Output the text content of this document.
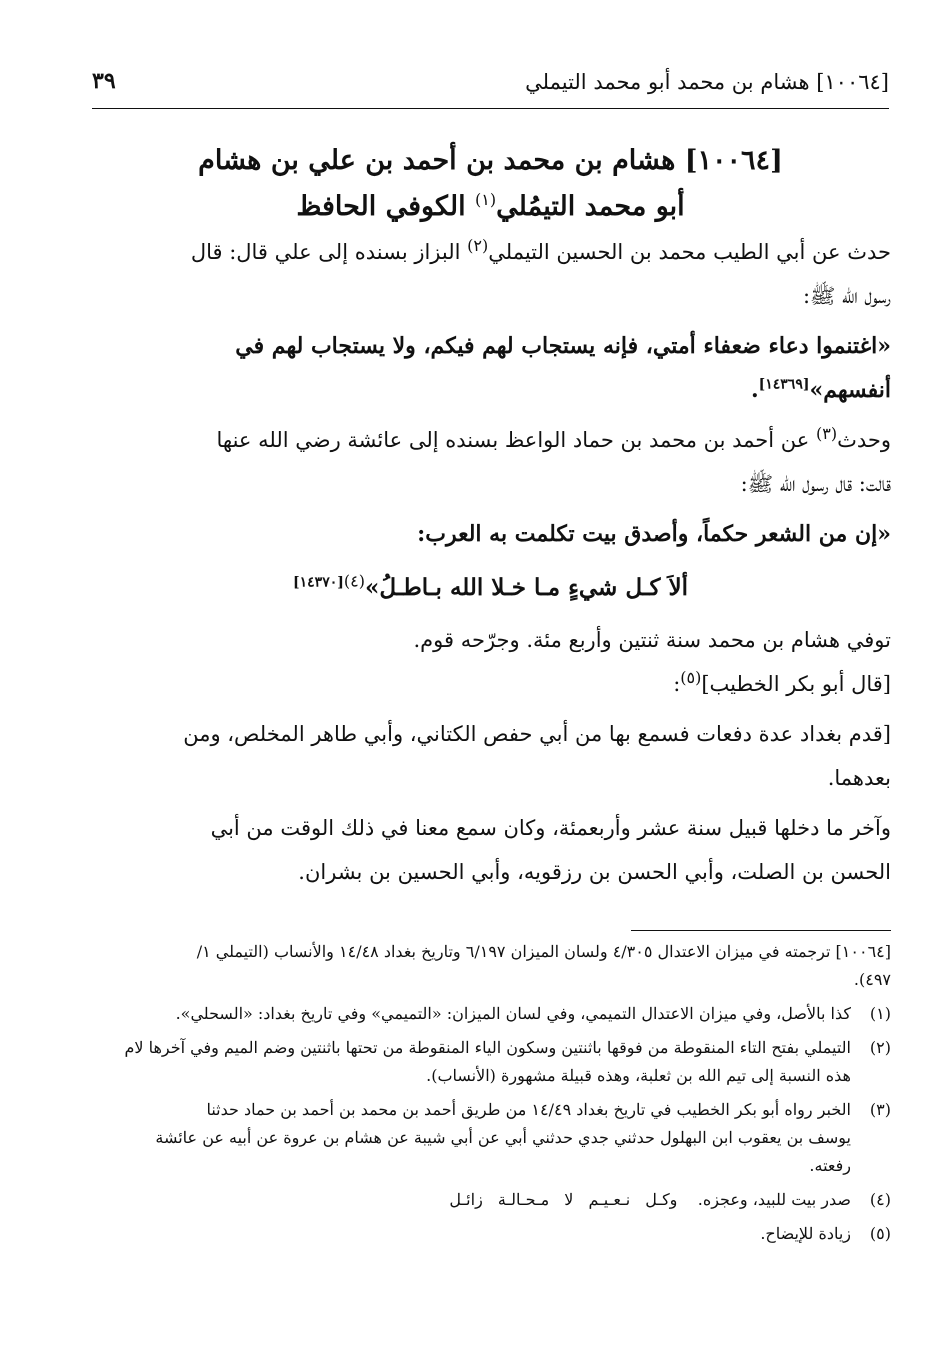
[١٠٠٦٤] هشام بن محمد أبو محمد التيملي
٣٩
[١٠٠٦٤] هشام بن محمد بن أحمد بن علي بن هشام
أبو محمد التيمُلي$^{(١)}$ الكوفي الحافظ

حدث عن أبي الطيب محمد بن الحسين التيملي$^{(٢)}$ البزاز بسنده إلى علي قال: قال
رسول الله ﷺ:

«اغتنموا دعاء ضعفاء أمتي، فإنه يستجاب لهم فيكم، ولا يستجاب لهم في
أنفسهم»[١٤٣٦٩].

وحدث$^{(٣)}$ عن أحمد بن محمد بن حماد الواعظ بسنده إلى عائشة رضي الله عنها
قالت: قال رسول الله ﷺ:

«إن من الشعر حكماً، وأصدق بيت تكلمت به العرب:

ألاَ كـل شيءٍ مـا خـلا الله بـاطـلُ»$^{(٤)[١٤٣٧٠]}$

توفي هشام بن محمد سنة ثنتين وأربع مئة. وجرّحه قوم.

[قال أبو بكر الخطيب]$^{(٥)}$:

[قدم بغداد عدة دفعات فسمع بها من أبي حفص الكتاني، وأبي طاهر المخلص، ومن
بعدهما.

وآخر ما دخلها قبيل سنة عشر وأربعمئة، وكان سمع معنا في ذلك الوقت من أبي
الحسن بن الصلت، وأبي الحسن بن رزقويه، وأبي الحسين بن بشران.

[١٠٠٦٤] ترجمته في ميزان الاعتدال ٤/٣٠٥ ولسان الميزان ٦/١٩٧ وتاريخ بغداد ١٤/٤٨ والأنساب (التيملي ١/
٤٩٧).
(١)
كذا بالأصل، وفي ميزان الاعتدال التميمي، وفي لسان الميزان: «التميمي» وفي تاريخ بغداد: «السحلي».
(٢)
التيملي بفتح التاء المنقوطة من فوقها باثنتين وسكون الياء المنقوطة من تحتها باثنتين وضم الميم وفي آخرها لام
هذه النسبة إلى تيم الله بن ثعلبة، وهذه قبيلة مشهورة (الأنساب).
(٣)
الخبر رواه أبو بكر الخطيب في تاريخ بغداد ١٤/٤٩ من طريق أحمد بن محمد بن أحمد بن حماد حدثنا
يوسف بن يعقوب ابن البهلول حدثني جدي حدثني أبي عن أبي شيبة عن هشام بن عروة عن أبيه عن عائشة
رفعته.
(٤)
صدر بيت للبيد، وعجزه.    وكـل نـعـيـم لا مـحـالـة زائـل
(٥)
زيادة للإيضاح.
